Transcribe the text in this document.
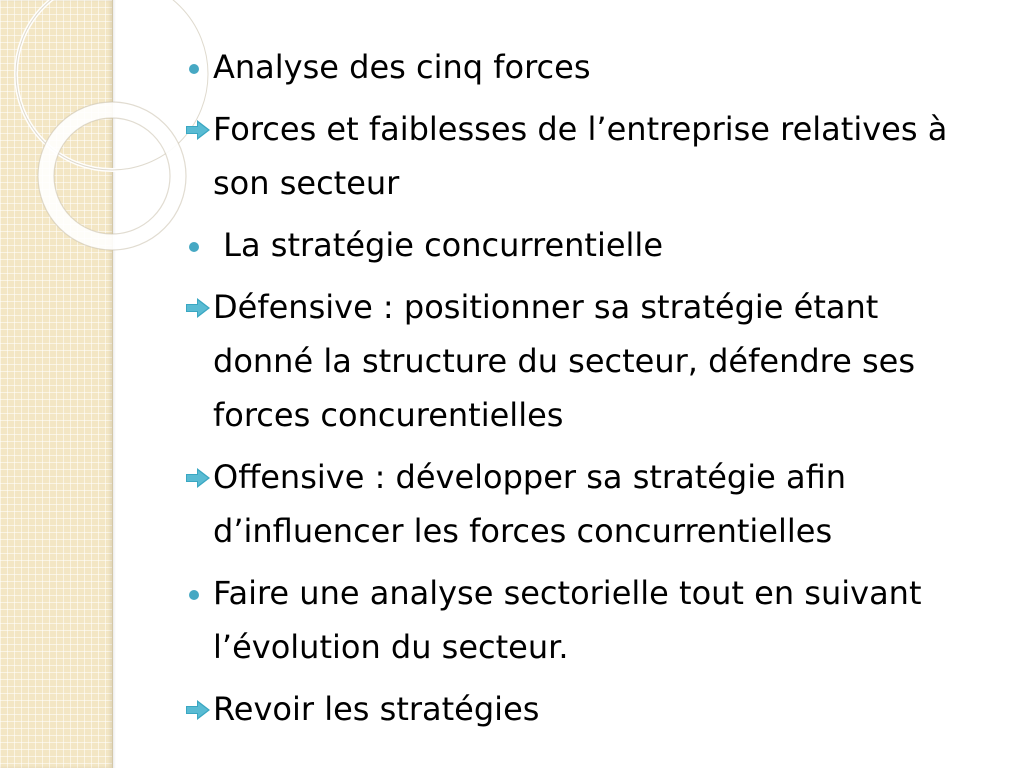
Analyse des cinq forces
Forces et faiblesses de l’entreprise relatives à son secteur
La stratégie concurrentielle
Défensive : positionner sa stratégie étant donné la structure du secteur, défendre ses forces concurentielles
Offensive : développer sa stratégie afin d’influencer les forces concurrentielles
Faire une analyse sectorielle tout en suivant l’évolution du secteur.
Revoir les stratégies
